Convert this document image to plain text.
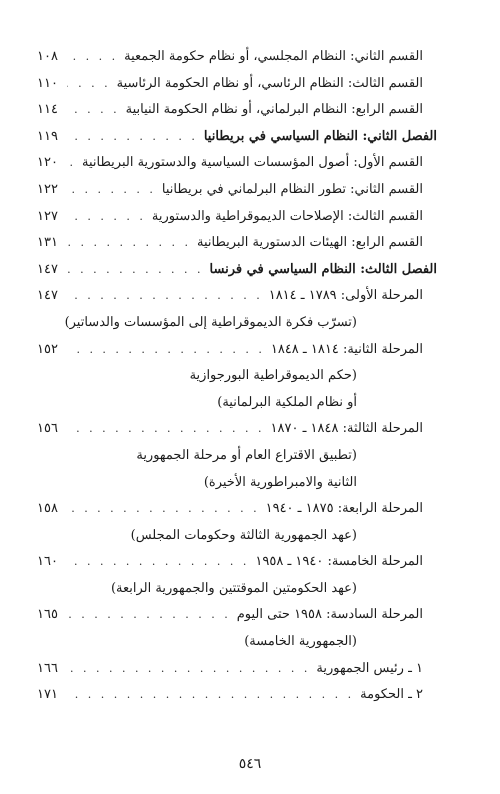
القسم الثاني: النظام المجلسي، أو نظام حكومة الجمعية
. . .
١٠٨
القسم الثالث: النظام الرئاسي، أو نظام الحكومة الرئاسية
. . .
١١٠
القسم الرابع: النظام البرلماني، أو نظام الحكومة النيابية
. . .
١١٤
الفصل الثاني: النظام السياسي في بريطانيا
. . .
١١٩
القسم الأول: أصول المؤسسات السياسية والدستورية البريطانية
. . .
١٢٠
القسم الثاني: تطور النظام البرلماني في بريطانيا
. . .
١٢٢
القسم الثالث: الإصلاحات الديموقراطية والدستورية
. . .
١٢٧
القسم الرابع: الهيئات الدستورية البريطانية
. . .
١٣١
الفصل الثالث: النظام السياسي في فرنسا
. . .
١٤٧
المرحلة الأولى: ١٧٨٩ ـ ١٨١٤
. . .
١٤٧
(تسرّب فكرة الديموقراطية إلى المؤسسات والدساتير)
المرحلة الثانية: ١٨١٤ ـ ١٨٤٨
. . .
١٥٢
(حكم الديموقراطية البورجوازية
أو نظام الملكية البرلمانية)
المرحلة الثالثة: ١٨٤٨ ـ ١٨٧٠
. . .
١٥٦
(تطبيق الاقتراع العام أو مرحلة الجمهورية
الثانية والامبراطورية الأخيرة)
المرحلة الرابعة: ١٨٧٥ ـ ١٩٤٠
. . .
١٥٨
(عهد الجمهورية الثالثة وحكومات المجلس)
المرحلة الخامسة: ١٩٤٠ ـ ١٩٥٨
. . .
١٦٠
(عهد الحكومتين الموقتتين والجمهورية الرابعة)
المرحلة السادسة: ١٩٥٨ حتى اليوم
. . .
١٦٥
(الجمهورية الخامسة)
١ ـ رئيس الجمهورية
. . .
١٦٦
٢ ـ الحكومة
. . .
١٧١
٥٤٦
